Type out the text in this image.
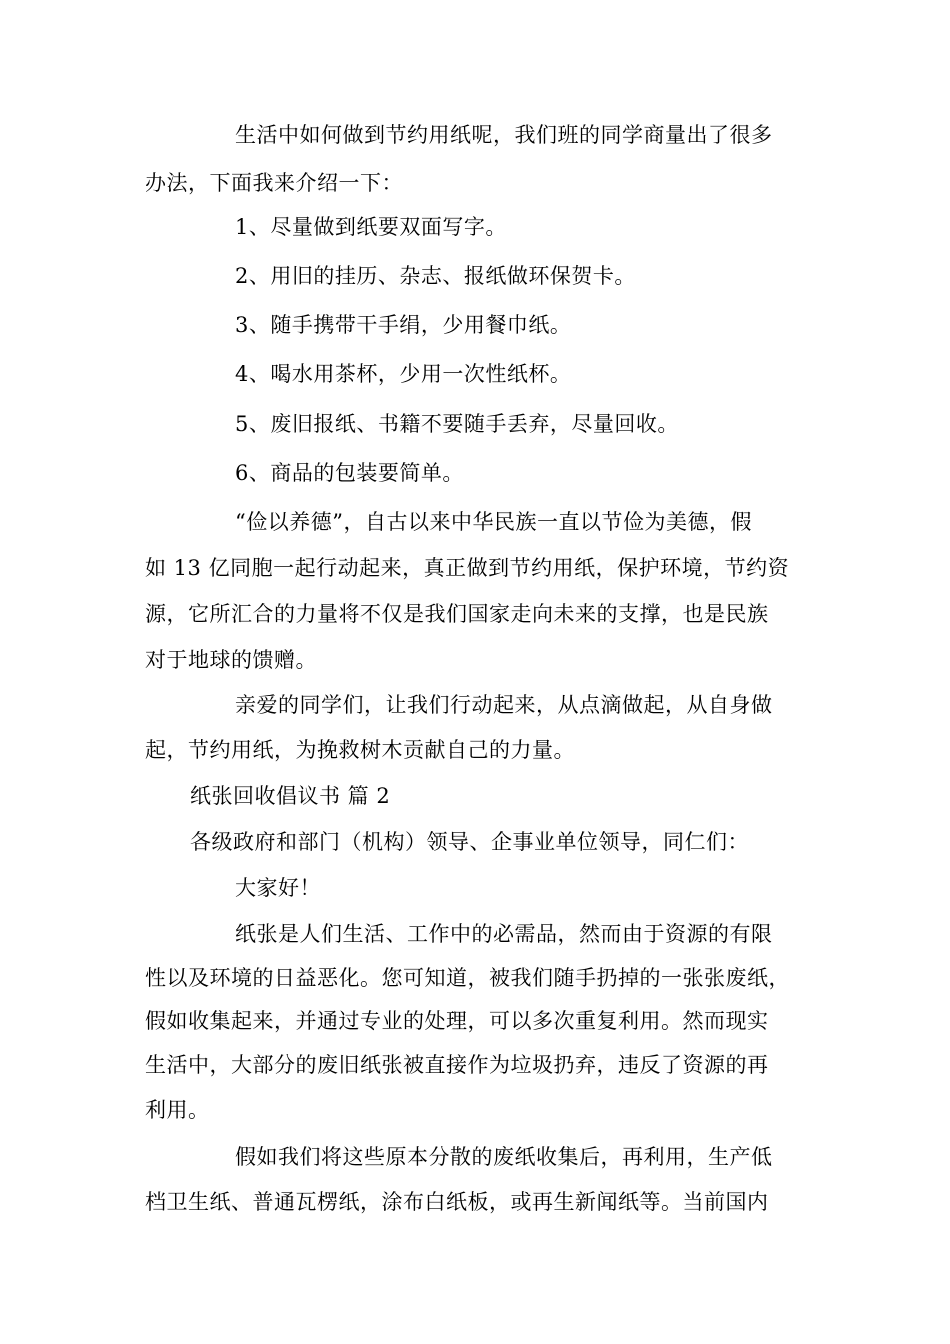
生活中如何做到节约用纸呢，我们班的同学商量出了很多
办法，下面我来介绍一下：
1、尽量做到纸要双面写字。
2、用旧的挂历、杂志、报纸做环保贺卡。
3、随手携带干手绢，少用餐巾纸。
4、喝水用茶杯，少用一次性纸杯。
5、废旧报纸、书籍不要随手丢弃，尽量回收。
6、商品的包装要简单。
“俭以养德”，自古以来中华民族一直以节俭为美德，假
如 13 亿同胞一起行动起来，真正做到节约用纸，保护环境，节约资
源，它所汇合的力量将不仅是我们国家走向未来的支撑，也是民族
对于地球的馈赠。
亲爱的同学们，让我们行动起来，从点滴做起，从自身做
起，节约用纸，为挽救树木贡献自己的力量。
纸张回收倡议书 篇 2
各级政府和部门（机构）领导、企事业单位领导，同仁们：
大家好！
纸张是人们生活、工作中的必需品，然而由于资源的有限
性以及环境的日益恶化。您可知道，被我们随手扔掉的一张张废纸，
假如收集起来，并通过专业的处理，可以多次重复利用。然而现实
生活中，大部分的废旧纸张被直接作为垃圾扔弃，违反了资源的再
利用。
假如我们将这些原本分散的废纸收集后，再利用，生产低
档卫生纸、普通瓦楞纸，涂布白纸板，或再生新闻纸等。当前国内
